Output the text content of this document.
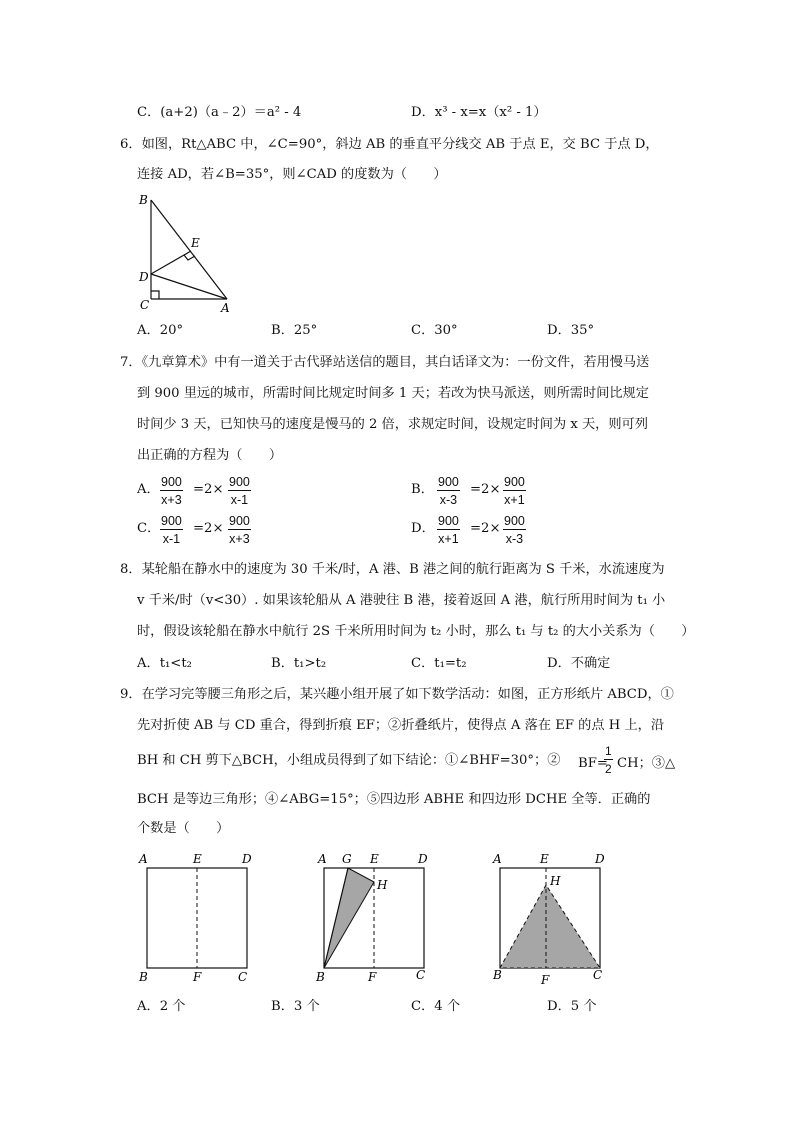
C．(a+2)（a﹣2）＝a² - 4	D．x³ - x=x（x² - 1）
6．如图，Rt△ABC 中，∠C=90°，斜边 AB 的垂直平分线交 AB 于点 E，交 BC 于点 D，
连接 AD，若∠B=35°，则∠CAD 的度数为（　　）
B
E
D
C	A
A．20°	B．25°	C．30°	D．35°
7．《九章算术》中有一道关于古代驿站送信的题目，其白话译文为：一份文件，若用慢马送
到 900 里远的城市，所需时间比规定时间多 1 天；若改为快马派送，则所需时间比规定
时间少 3 天，已知快马的速度是慢马的 2 倍，求规定时间，设规定时间为 x 天，则可列
出正确的方程为（　　）
A． $\frac{900}{x+3} =2\times \frac{900}{x-1}$	B． $\frac{900}{x-3} =2\times \frac{900}{x+1}$
C． $\frac{900}{x-1} =2\times \frac{900}{x+3}$	D． $\frac{900}{x+1} =2\times \frac{900}{x-3}$
8．某轮船在静水中的速度为 30 千米/时，A 港、B 港之间的航行距离为 S 千米，水流速度为
v 千米/时（v<30）. 如果该轮船从 A 港驶往 B 港，接着返回 A 港，航行所用时间为 t₁ 小
时，假设该轮船在静水中航行 2S 千米所用时间为 t₂ 小时，那么 t₁ 与 t₂ 的大小关系为（　　）
A．t₁<t₂	B．t₁>t₂	C．t₁=t₂	D．不确定
9．在学习完等腰三角形之后，某兴趣小组开展了如下数学活动：如图，正方形纸片 ABCD，①
先对折使 AB 与 CD 重合，得到折痕 EF；②折叠纸片，使得点 A 落在 EF 的点 H 上，沿
BH 和 CH 剪下△BCH，小组成员得到了如下结论：①∠BHF=30°；② BF=
$\frac{1}{2}$ CH；③△
BCH 是等边三角形；④∠ABG=15°；⑤四边形 ABHE 和四边形 DCHE 全等．正确的
个数是（　　）
A	E	D
B	F	C
A G E	D
H
B	F	C
A	E	D
H
B	F	C
A．2 个	B．3 个	C．4 个	D．5 个
